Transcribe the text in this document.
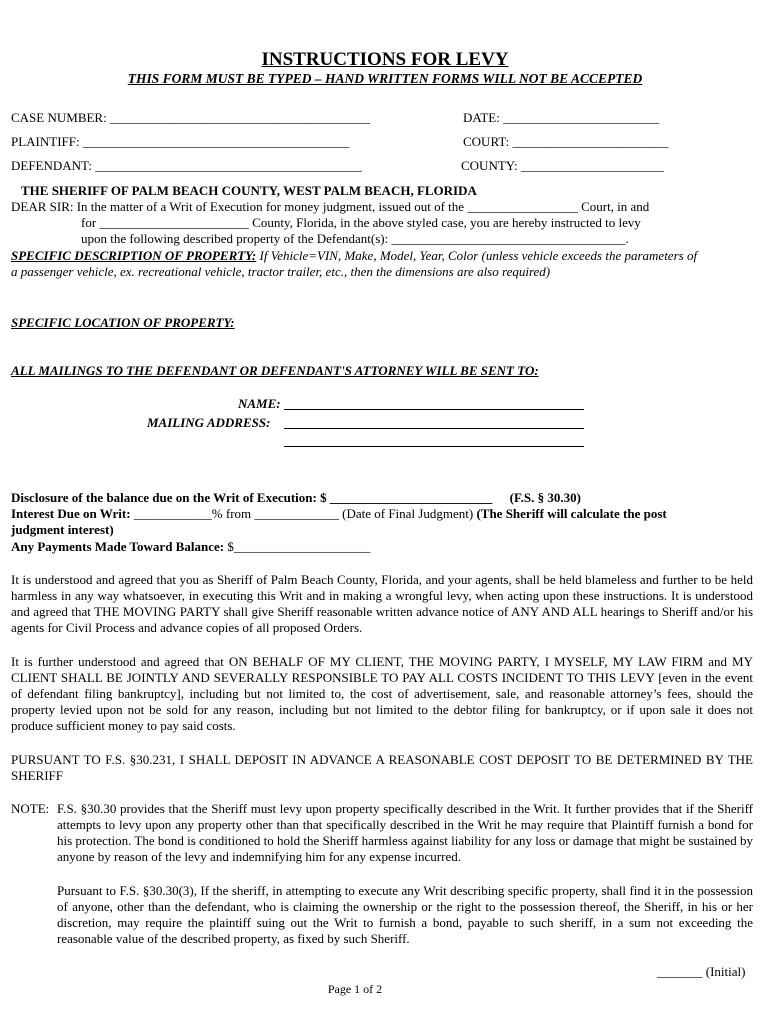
INSTRUCTIONS FOR LEVY
THIS FORM MUST BE TYPED – HAND WRITTEN FORMS WILL NOT BE ACCEPTED
CASE NUMBER: ________________________________________	DATE: ________________________
PLAINTIFF: _________________________________________	COURT: ________________________
DEFENDANT: _________________________________________	COUNTY: ______________________
THE SHERIFF OF PALM BEACH COUNTY, WEST PALM BEACH, FLORIDA
DEAR SIR: In the matter of a Writ of Execution for money judgment, issued out of the _________________ Court, in and
for _______________________ County, Florida, in the above styled case, you are hereby instructed to levy
upon the following described property of the Defendant(s): ____________________________________.
SPECIFIC DESCRIPTION OF PROPERTY: If Vehicle=VIN, Make, Model, Year, Color (unless vehicle exceeds the parameters of
a passenger vehicle, ex. recreational vehicle, tractor trailer, etc., then the dimensions are also required)
SPECIFIC LOCATION OF PROPERTY:
ALL MAILINGS TO THE DEFENDANT OR DEFENDANT'S ATTORNEY WILL BE SENT TO:
NAME:
MAILING ADDRESS:
Disclosure of the balance due on the Writ of Execution: $ _________________________ (F.S. § 30.30)
Interest Due on Writ: ____________% from _____________ (Date of Final Judgment) (The Sheriff will calculate the post
judgment interest)
Any Payments Made Toward Balance: $_____________________
It is understood and agreed that you as Sheriff of Palm Beach County, Florida, and your agents, shall be held blameless and further to be held harmless in any way whatsoever, in executing this Writ and in making a wrongful levy, when acting upon these instructions. It is understood and agreed that THE MOVING PARTY shall give Sheriff reasonable written advance notice of ANY AND ALL hearings to Sheriff and/or his agents for Civil Process and advance copies of all proposed Orders.
It is further understood and agreed that ON BEHALF OF MY CLIENT, THE MOVING PARTY, I MYSELF, MY LAW FIRM and MY CLIENT SHALL BE JOINTLY AND SEVERALLY RESPONSIBLE TO PAY ALL COSTS INCIDENT TO THIS LEVY [even in the event of defendant filing bankruptcy], including but not limited to, the cost of advertisement, sale, and reasonable attorney’s fees, should the property levied upon not be sold for any reason, including but not limited to the debtor filing for bankruptcy, or if upon sale it does not produce sufficient money to pay said costs.
PURSUANT TO F.S. §30.231, I SHALL DEPOSIT IN ADVANCE A REASONABLE COST DEPOSIT TO BE DETERMINED BY THE SHERIFF
NOTE: F.S. §30.30 provides that the Sheriff must levy upon property specifically described in the Writ. It further provides that if the Sheriff attempts to levy upon any property other than that specifically described in the Writ he may require that Plaintiff furnish a bond for his protection. The bond is conditioned to hold the Sheriff harmless against liability for any loss or damage that might be sustained by anyone by reason of the levy and indemnifying him for any expense incurred.
Pursuant to F.S. §30.30(3), If the sheriff, in attempting to execute any Writ describing specific property, shall find it in the possession of anyone, other than the defendant, who is claiming the ownership or the right to the possession thereof, the Sheriff, in his or her discretion, may require the plaintiff suing out the Writ to furnish a bond, payable to such sheriff, in a sum not exceeding the reasonable value of the described property, as fixed by such Sheriff.
_______ (Initial)
Page 1 of 2
